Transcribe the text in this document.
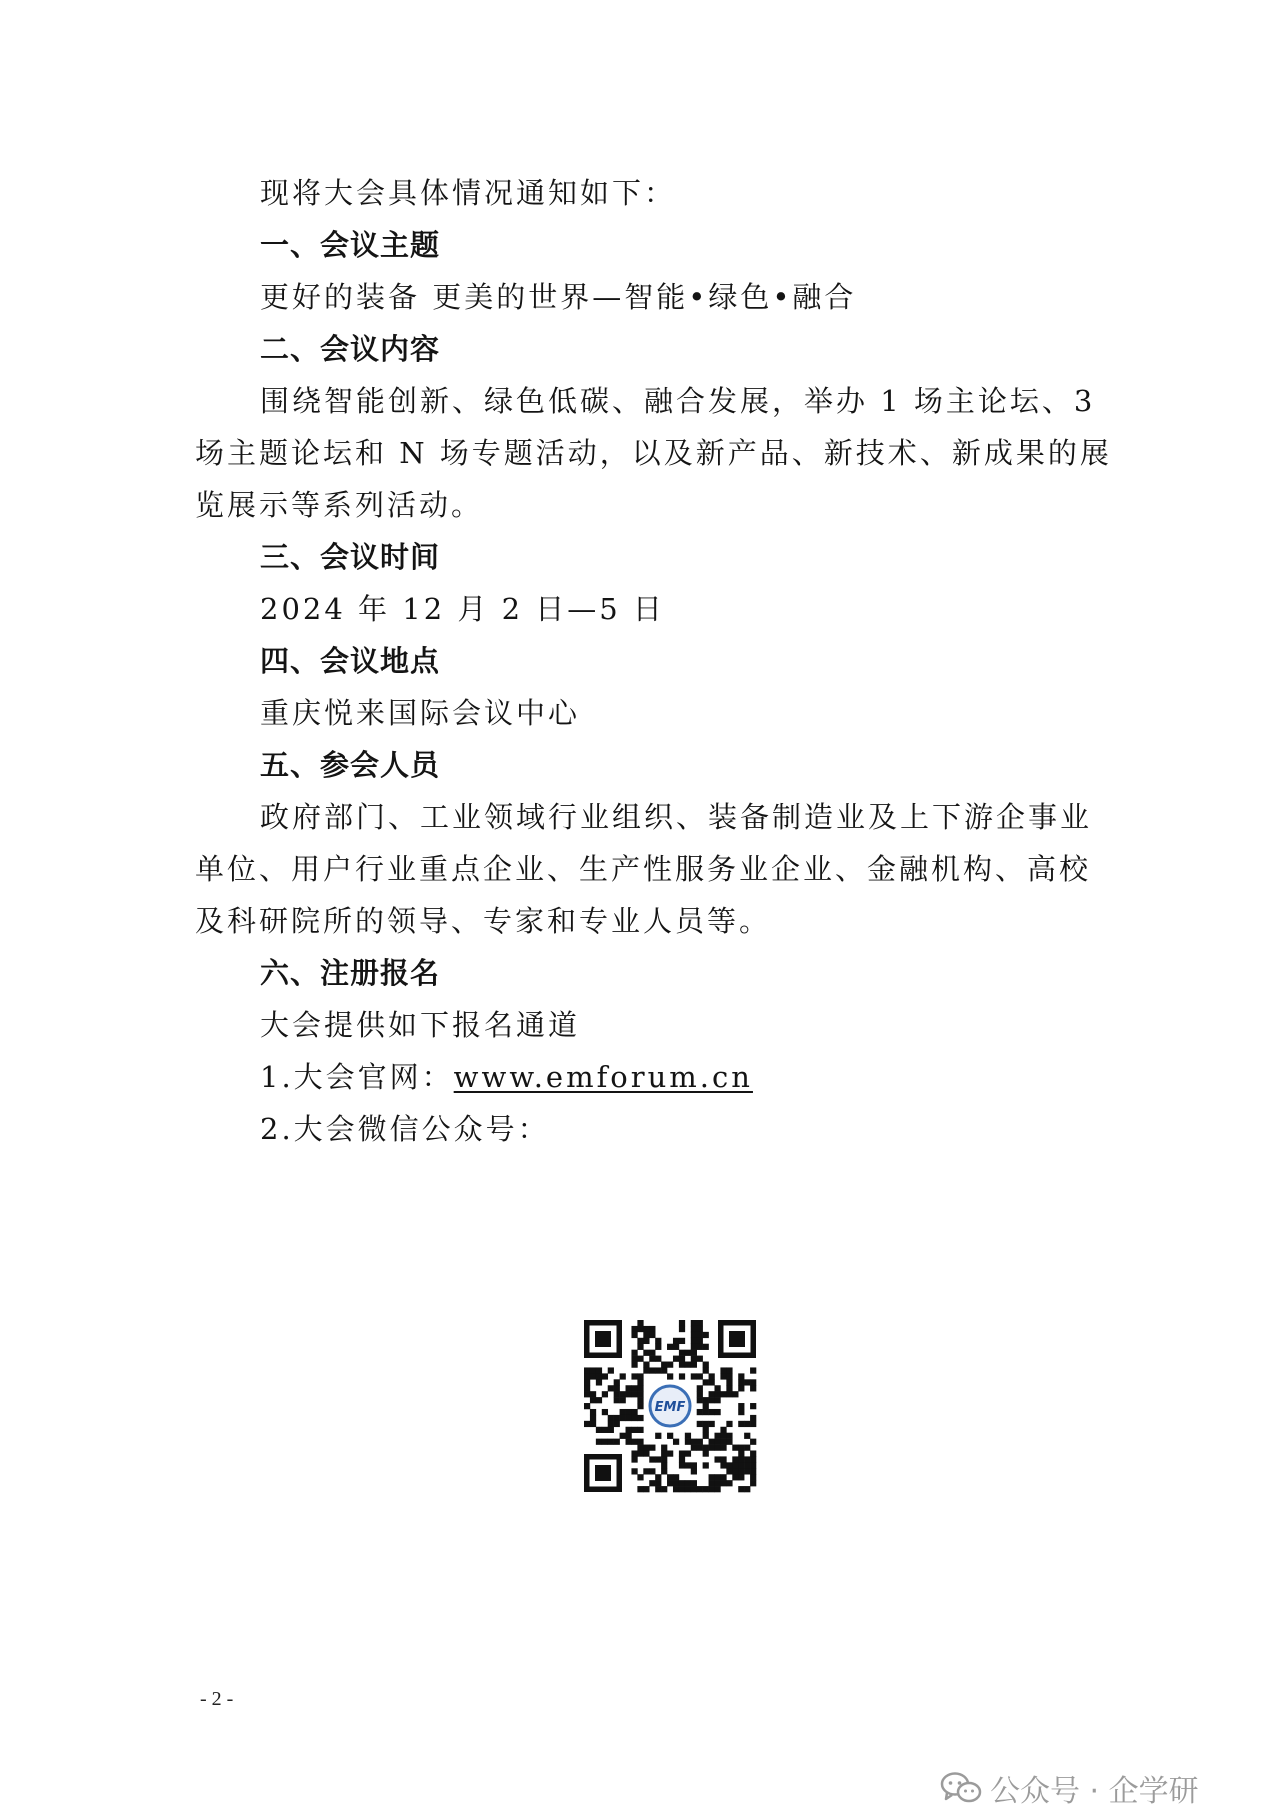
现将大会具体情况通知如下：
一、会议主题
更好的装备 更美的世界—智能•绿色•融合
二、会议内容
围绕智能创新、绿色低碳、融合发展，举办 1 场主论坛、3
场主题论坛和 N 场专题活动，以及新产品、新技术、新成果的展
览展示等系列活动。
三、会议时间
2024 年 12 月 2 日—5 日
四、会议地点
重庆悦来国际会议中心
五、参会人员
政府部门、工业领域行业组织、装备制造业及上下游企事业
单位、用户行业重点企业、生产性服务业企业、金融机构、高校
及科研院所的领导、专家和专业人员等。
六、注册报名
大会提供如下报名通道
1.大会官网：www.emforum.cn
2.大会微信公众号：
EMF
- 2 -
公众号 · 企学研
